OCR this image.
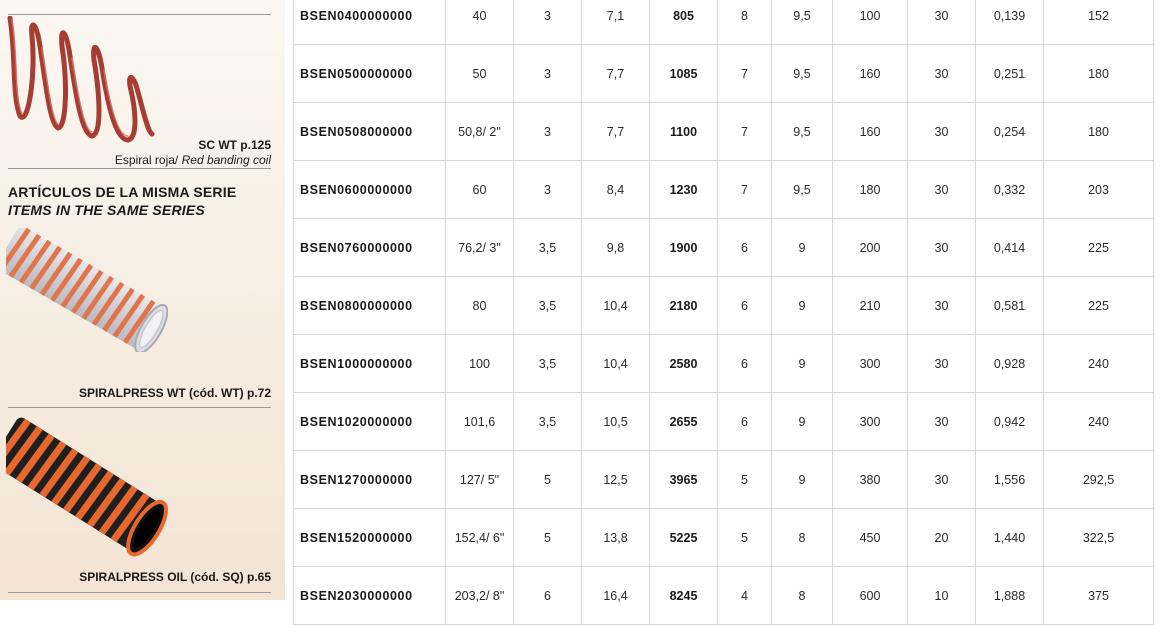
SC WT p.125
Espiral roja/ Red banding coil
ARTÍCULOS DE LA MISMA SERIE
ITEMS IN THE SAME SERIES
SPIRALPRESS WT (cód. WT) p.72
SPIRALPRESS OIL (cód. SQ) p.65
BSEN0400000000	40	3	7,1	805	8	9,5	100	30	0,139	152
BSEN0500000000	50	3	7,7	1085	7	9,5	160	30	0,251	180
BSEN0508000000	50,8/ 2"	3	7,7	1100	7	9,5	160	30	0,254	180
BSEN0600000000	60	3	8,4	1230	7	9,5	180	30	0,332	203
BSEN0760000000	76,2/ 3"	3,5	9,8	1900	6	9	200	30	0,414	225
BSEN0800000000	80	3,5	10,4	2180	6	9	210	30	0,581	225
BSEN1000000000	100	3,5	10,4	2580	6	9	300	30	0,928	240
BSEN1020000000	101,6	3,5	10,5	2655	6	9	300	30	0,942	240
BSEN1270000000	127/ 5"	5	12,5	3965	5	9	380	30	1,556	292,5
BSEN1520000000	152,4/ 6"	5	13,8	5225	5	8	450	20	1,440	322,5
BSEN2030000000	203,2/ 8"	6	16,4	8245	4	8	600	10	1,888	375
